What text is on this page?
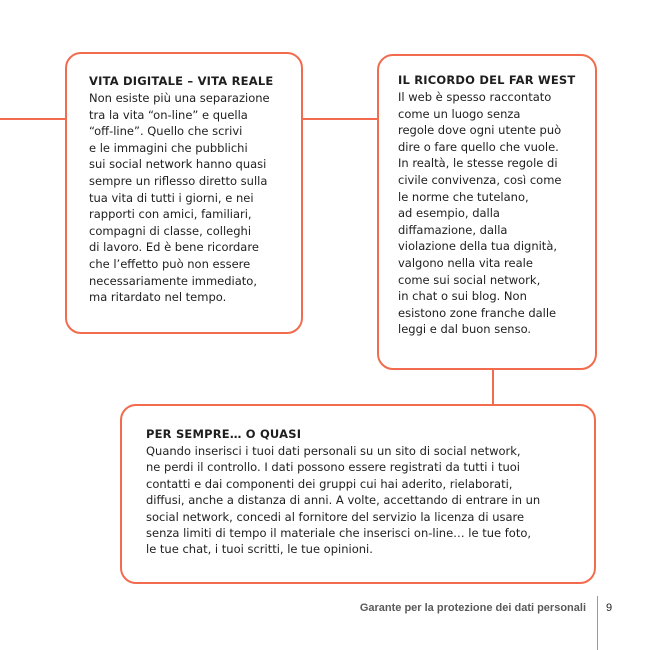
VITA DIGITALE – VITA REALE

Non esiste più una separazione

tra la vita “on-line” e quella

“off-line”. Quello che scrivi

e le immagini che pubblichi

sui social network hanno quasi

sempre un riflesso diretto sulla

tua vita di tutti i giorni, e nei

rapporti con amici, familiari,

compagni di classe, colleghi

di lavoro. Ed è bene ricordare

che l’effetto può non essere

necessariamente immediato,

ma ritardato nel tempo.

IL RICORDO DEL FAR WEST

Il web è spesso raccontato

come un luogo senza

regole dove ogni utente può

dire o fare quello che vuole.

In realtà, le stesse regole di

civile convivenza, così come

le norme che tutelano,

ad esempio, dalla

diffamazione, dalla

violazione della tua dignità,

valgono nella vita reale

come sui social network,

in chat o sui blog. Non

esistono zone franche dalle

leggi e dal buon senso.

PER SEMPRE… O QUASI

Quando inserisci i tuoi dati personali su un sito di social network,

ne perdi il controllo. I dati possono essere registrati da tutti i tuoi

contatti e dai componenti dei gruppi cui hai aderito, rielaborati,

diffusi, anche a distanza di anni. A volte, accettando di entrare in un

social network, concedi al fornitore del servizio la licenza di usare

senza limiti di tempo il materiale che inserisci on-line… le tue foto,

le tue chat, i tuoi scritti, le tue opinioni.

Garante per la protezione dei dati personali 9
